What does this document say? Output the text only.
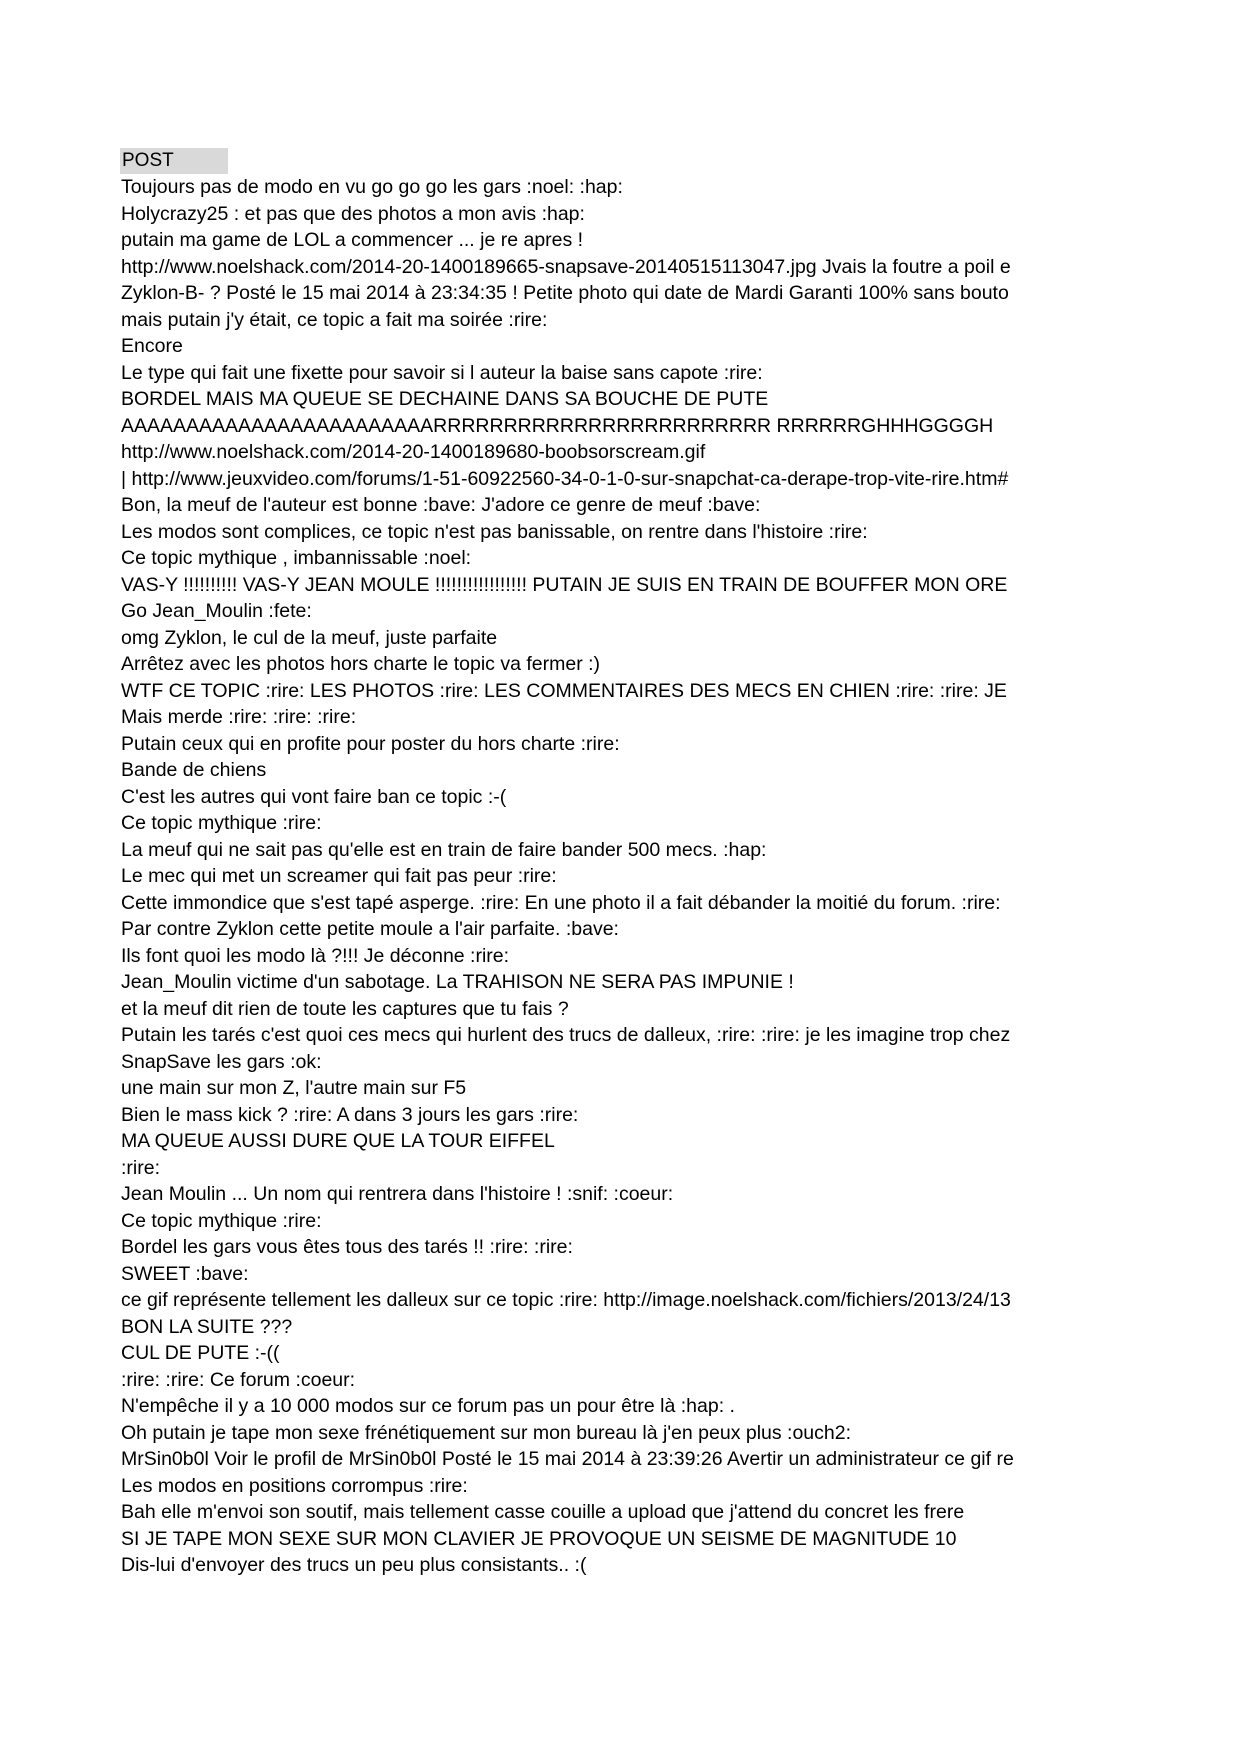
POST
Toujours pas de modo en vu go go go les gars :noel: :hap:
Holycrazy25 : et pas que des photos a mon avis :hap:
putain ma game de LOL a commencer ... je re apres !
http://www.noelshack.com/2014-20-1400189665-snapsave-20140515113047.jpg Jvais la foutre a poil e
Zyklon-B- ? Posté le 15 mai 2014 à 23:34:35 ! Petite photo qui date de Mardi Garanti 100% sans bouto
mais putain j'y était, ce topic a fait ma soirée :rire:
Encore
Le type qui fait une fixette pour savoir si l auteur la baise sans capote :rire:
BORDEL MAIS MA QUEUE SE DECHAINE DANS SA BOUCHE DE PUTE
AAAAAAAAAAAAAAAAAAAAAAAARRRRRRRRRRRRRRRRRRRRRRRR RRRRRRGHHHGGGGH
http://www.noelshack.com/2014-20-1400189680-boobsorscream.gif
| http://www.jeuxvideo.com/forums/1-51-60922560-34-0-1-0-sur-snapchat-ca-derape-trop-vite-rire.htm#
Bon, la meuf de l'auteur est bonne :bave: J'adore ce genre de meuf :bave:
Les modos sont complices, ce topic n'est pas banissable, on rentre dans l'histoire :rire:
Ce topic mythique , imbannissable :noel:
VAS-Y !!!!!!!!!! VAS-Y JEAN MOULE !!!!!!!!!!!!!!!!! PUTAIN JE SUIS EN TRAIN DE BOUFFER MON ORE
Go Jean_Moulin :fete:
omg Zyklon, le cul de la meuf, juste parfaite
Arrêtez avec les photos hors charte le topic va fermer :)
WTF CE TOPIC :rire: LES PHOTOS :rire: LES COMMENTAIRES DES MECS EN CHIEN :rire: :rire: JE
Mais merde :rire: :rire: :rire:
Putain ceux qui en profite pour poster du hors charte :rire:
Bande de chiens
C'est les autres qui vont faire ban ce topic :-(
Ce topic mythique :rire:
La meuf qui ne sait pas qu'elle est en train de faire bander 500 mecs. :hap:
Le mec qui met un screamer qui fait pas peur :rire:
Cette immondice que s'est tapé asperge. :rire: En une photo il a fait débander la moitié du forum. :rire:
Par contre Zyklon cette petite moule a l'air parfaite. :bave:
Ils font quoi les modo là ?!!! Je déconne :rire:
Jean_Moulin victime d'un sabotage. La TRAHISON NE SERA PAS IMPUNIE !
et la meuf dit rien de toute les captures que tu fais ?
Putain les tarés c'est quoi ces mecs qui hurlent des trucs de dalleux, :rire: :rire: je les imagine trop chez
SnapSave les gars :ok:
une main sur mon Z, l'autre main sur F5
Bien le mass kick ? :rire: A dans 3 jours les gars :rire:
MA QUEUE AUSSI DURE QUE LA TOUR EIFFEL
:rire:
Jean Moulin ... Un nom qui rentrera dans l'histoire ! :snif: :coeur:
Ce topic mythique :rire:
Bordel les gars vous êtes tous des tarés !! :rire: :rire:
SWEET :bave:
ce gif représente tellement les dalleux sur ce topic :rire: http://image.noelshack.com/fichiers/2013/24/13
BON LA SUITE ???
CUL DE PUTE :-((
:rire: :rire: Ce forum :coeur:
N'empêche il y a 10 000 modos sur ce forum pas un pour être là :hap: .
Oh putain je tape mon sexe frénétiquement sur mon bureau là j'en peux plus :ouch2:
MrSin0b0l Voir le profil de MrSin0b0l Posté le 15 mai 2014 à 23:39:26 Avertir un administrateur ce gif re
Les modos en positions corrompus :rire:
Bah elle m'envoi son soutif, mais tellement casse couille a upload que j'attend du concret les frere
SI JE TAPE MON SEXE SUR MON CLAVIER JE PROVOQUE UN SEISME DE MAGNITUDE 10
Dis-lui d'envoyer des trucs un peu plus consistants.. :(
